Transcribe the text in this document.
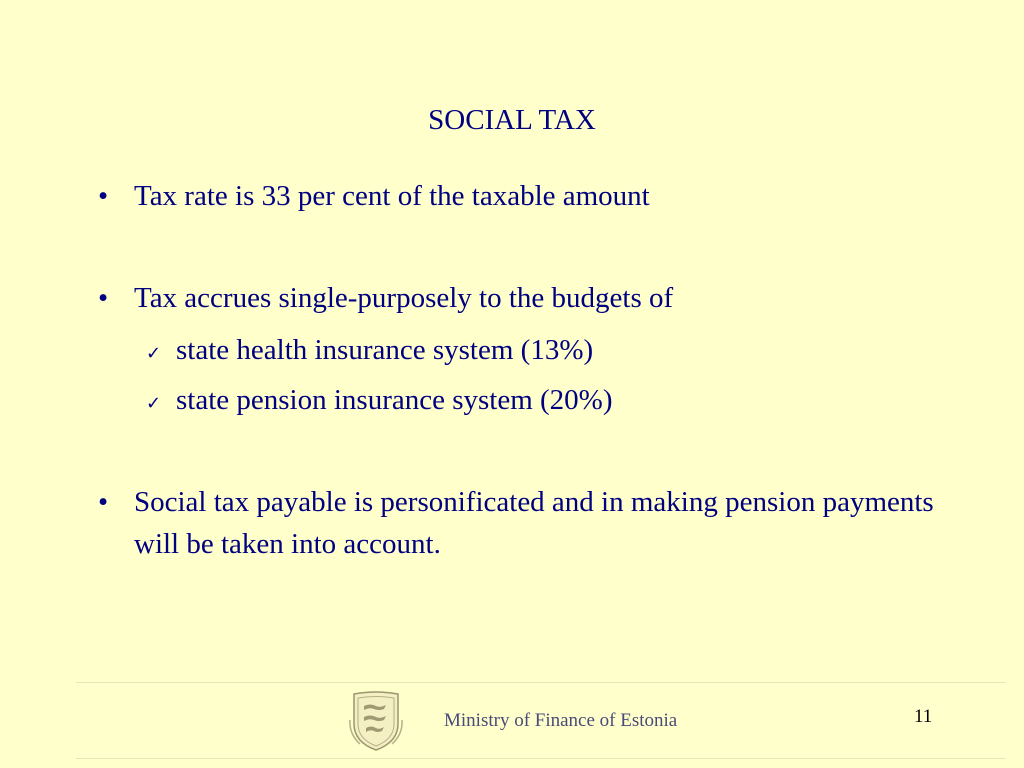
SOCIAL TAX
• Tax rate is 33 per cent of the taxable amount
• Tax accrues single-purposely to the budgets of
✓ state health insurance system (13%)
✓ state pension insurance system (20%)
• Social tax payable is personificated and in making pension payments will be taken into account.
Ministry of Finance of Estonia	11
